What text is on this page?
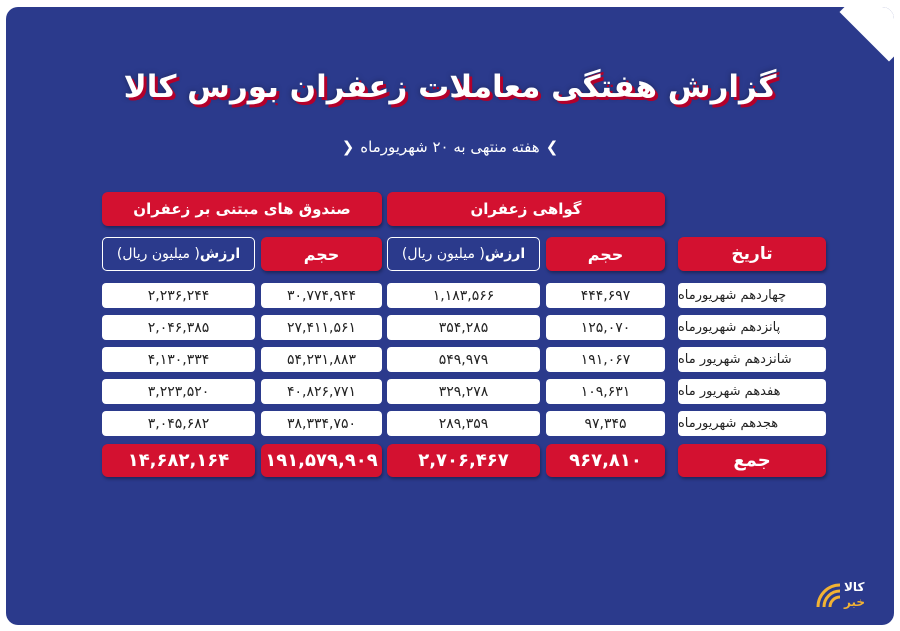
گزارش هفتگی معاملات زعفران بورس کالا
❯هفته منتهی به ۲۰ شهریورماه❮
گواهی زعفران
صندوق های مبتنی بر زعفران
تاریخ
حجم
ارزش
( میلیون ریال)
حجم
ارزش
( میلیون ریال)
چهاردهم شهریورماه
۴۴۴,۶۹۷
۱,۱۸۳,۵۶۶
۳۰,۷۷۴,۹۴۴
۲,۲۳۶,۲۴۴
پانزدهم شهریورماه
۱۲۵,۰۷۰
۳۵۴,۲۸۵
۲۷,۴۱۱,۵۶۱
۲,۰۴۶,۳۸۵
شانزدهم شهریور ماه
۱۹۱,۰۶۷
۵۴۹,۹۷۹
۵۴,۲۳۱,۸۸۳
۴,۱۳۰,۳۳۴
هفدهم شهریور ماه
۱۰۹,۶۳۱
۳۲۹,۲۷۸
۴۰,۸۲۶,۷۷۱
۳,۲۲۳,۵۲۰
هجدهم شهریورماه
۹۷,۳۴۵
۲۸۹,۳۵۹
۳۸,۳۳۴,۷۵۰
۳,۰۴۵,۶۸۲
جمع
۹۶۷,۸۱۰
۲,۷۰۶,۴۶۷
۱۹۱,۵۷۹,۹۰۹
۱۴,۶۸۲,۱۶۴
کالا
خبر
